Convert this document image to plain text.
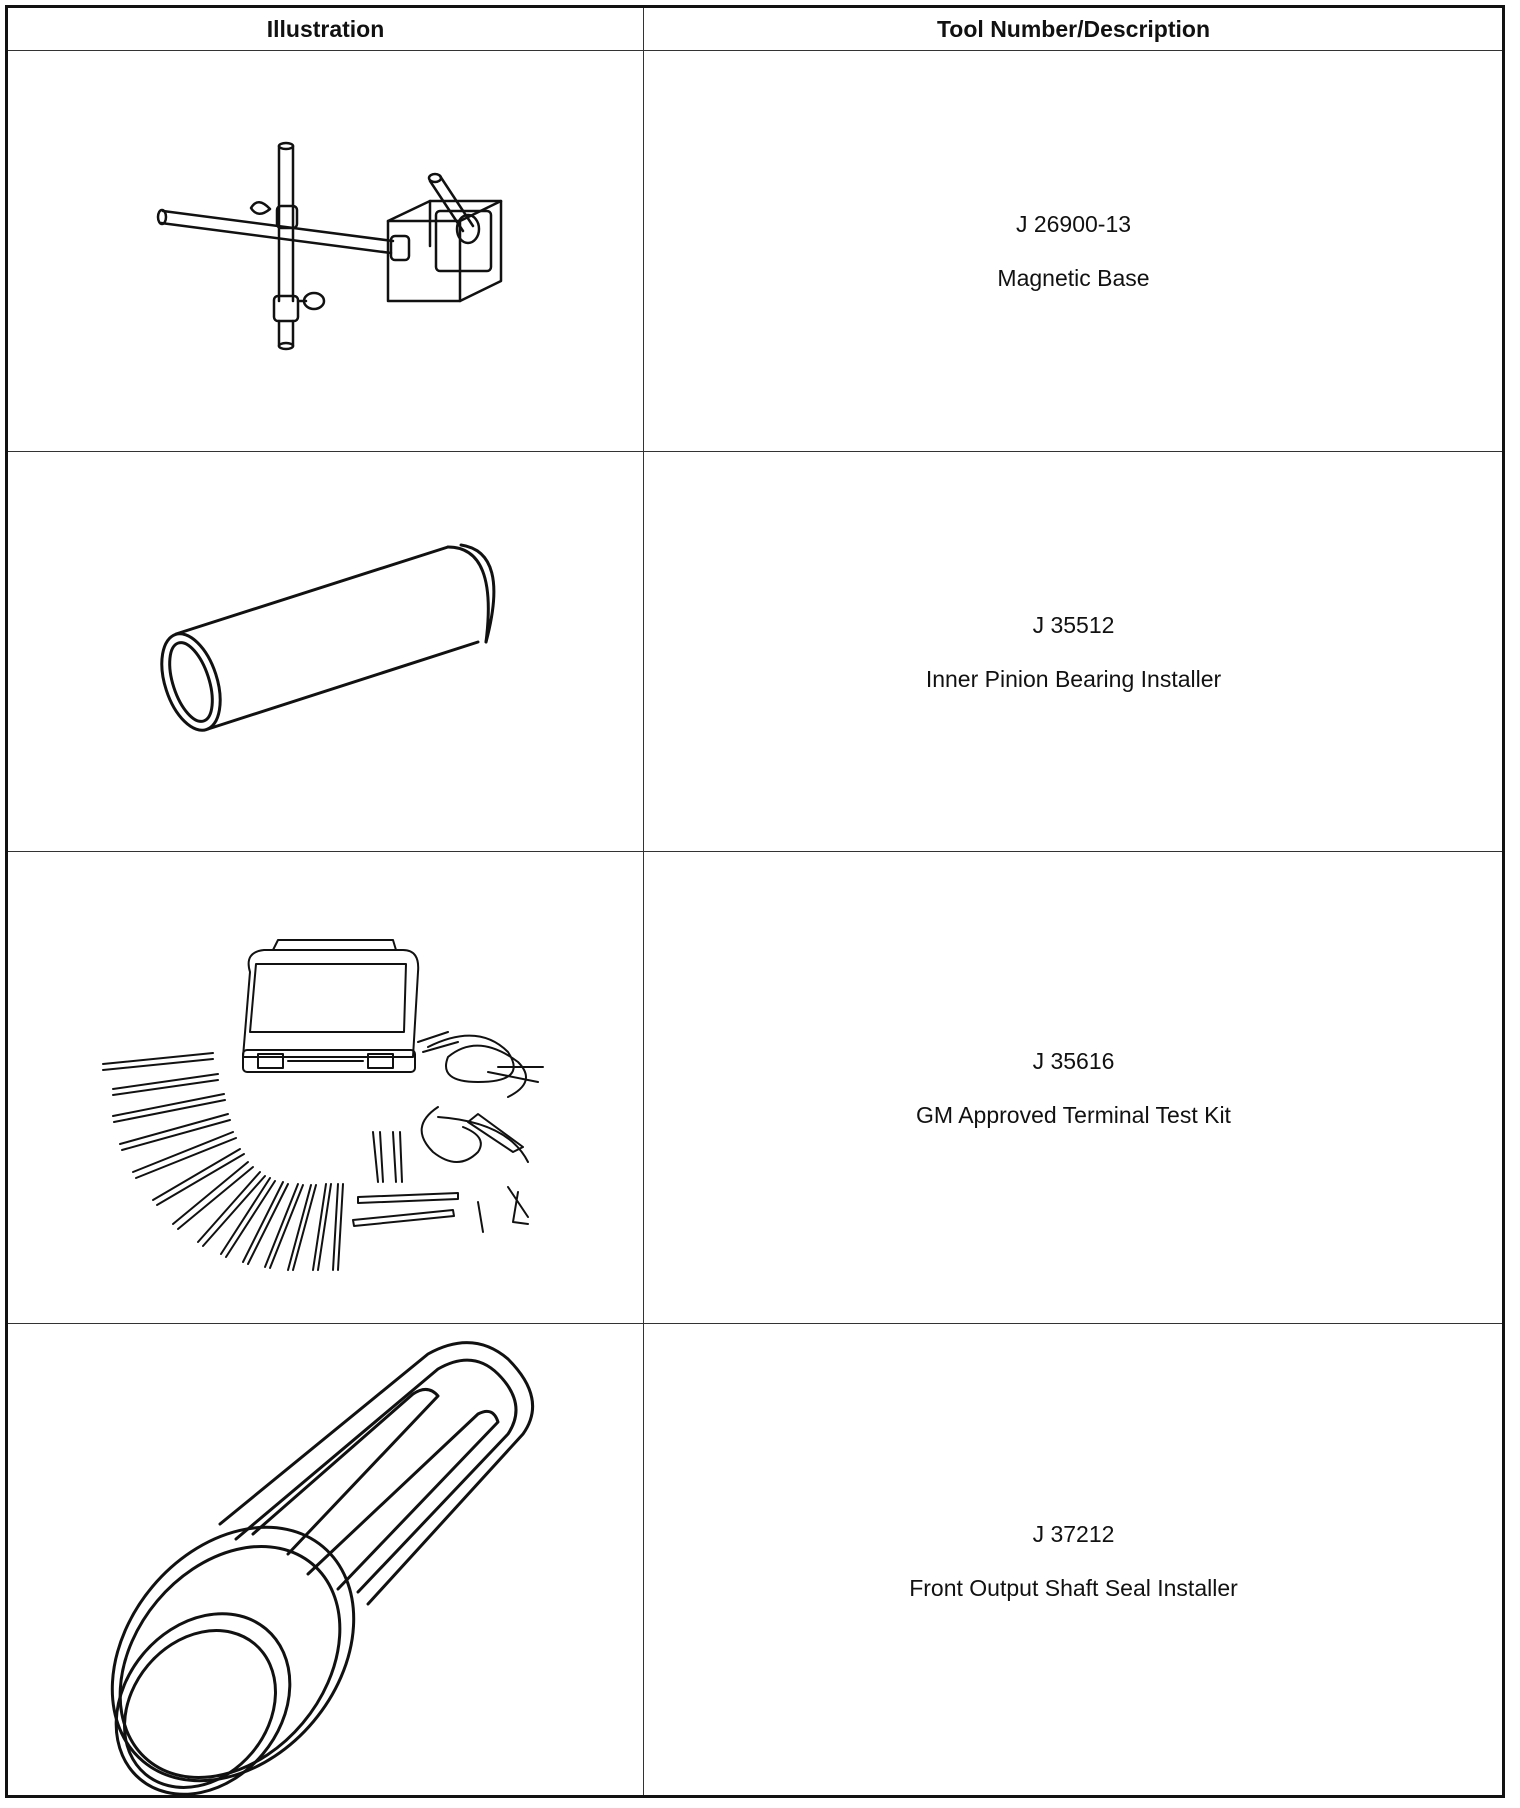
Illustration	Tool Number/Description
J 26900-13
Magnetic Base
J 35512
Inner Pinion Bearing Installer
J 35616
GM Approved Terminal Test Kit
J 37212
Front Output Shaft Seal Installer
